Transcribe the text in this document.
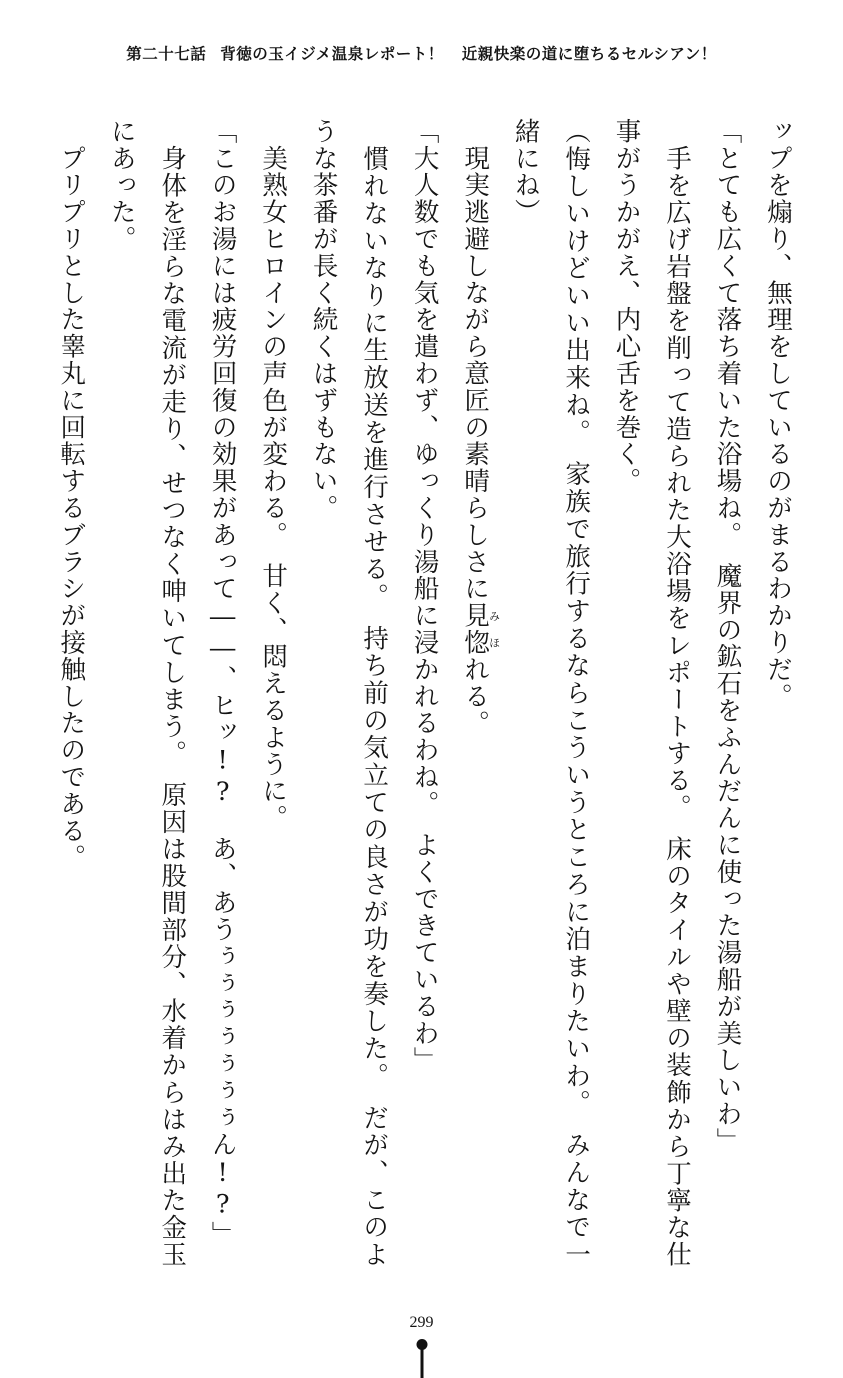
第二十七話 背徳の玉イジメ温泉レポート！ 近親快楽の道に堕ちるセルシアン！

ップを煽り、無理をしているのがまるわかりだ。

「とても広くて落ち着いた浴場ね。　魔界の鉱石をふんだんに使った湯船が美しいわ」

　手を広げ岩盤を削って造られた大浴場をレポートする。　床のタイルや壁の装飾から丁寧な仕事がうかがえ、内心舌を巻く。

（悔しいけどいい出来ね。　家族で旅行するならこういうところに泊まりたいわ。　みんなで一緒にね）

　現実逃避しながら意匠の素晴らしさに見惚みほれる。

「大人数でも気を遣わず、ゆっくり湯船に浸かれるわね。　よくできているわ」

　慣れないなりに生放送を進行させる。　持ち前の気立ての良さが功を奏した。　だが、このような茶番が長く続くはずもない。

　美熟女ヒロインの声色が変わる。　甘く、悶えるように。

「このお湯には疲労回復の効果があって――、ヒッ!?　あ、あうぅぅぅぅぅぅぅん!?」

　身体を淫らな電流が走り、せつなく呻いてしまう。　原因は股間部分、水着からはみ出た金玉にあった。

　プリプリとした睾丸に回転するブラシが接触したのである。

299
